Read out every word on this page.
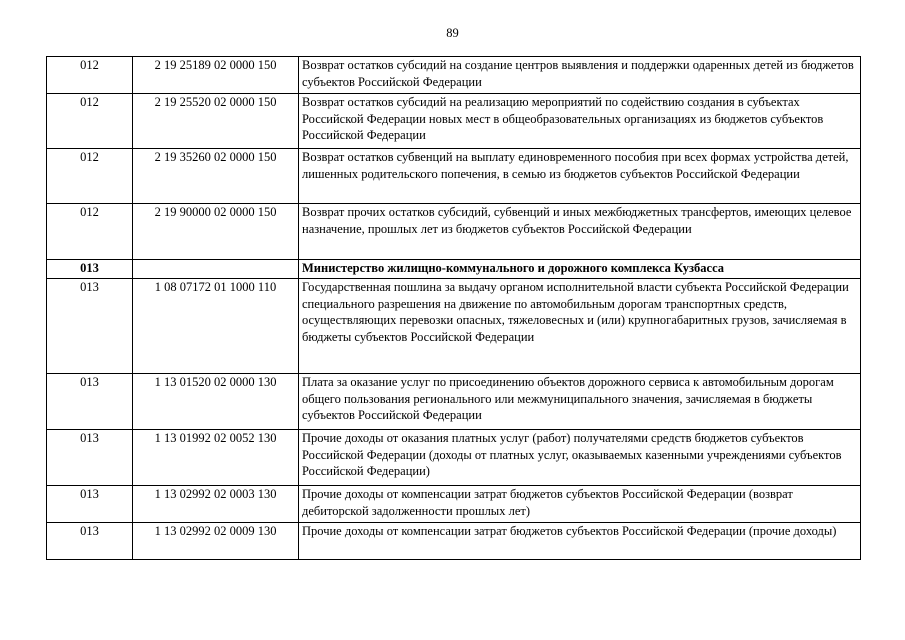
89
012	2 19 25189 02 0000 150	Возврат остатков субсидий на создание центров выявления и поддержки одаренных детей из бюджетов субъектов Российской Федерации
012	2 19 25520 02 0000 150	Возврат остатков субсидий на реализацию мероприятий по содействию создания в субъектах Российской Федерации новых мест в общеобразовательных организациях из бюджетов субъектов Российской Федерации
012	2 19 35260 02 0000 150	Возврат остатков субвенций на выплату единовременного пособия при всех формах устройства детей, лишенных родительского попечения, в семью из бюджетов субъектов Российской Федерации
012	2 19 90000 02 0000 150	Возврат прочих остатков субсидий, субвенций и иных межбюджетных трансфертов, имеющих целевое назначение, прошлых лет из бюджетов субъектов Российской Федерации
013		Министерство жилищно-коммунального и дорожного комплекса Кузбасса
013	1 08 07172 01 1000 110	Государственная пошлина за выдачу органом исполнительной власти субъекта Российской Федерации специального разрешения на движение по автомобильным дорогам транспортных средств, осуществляющих перевозки опасных, тяжеловесных и (или) крупногабаритных грузов, зачисляемая в бюджеты субъектов Российской Федерации
013	1 13 01520 02 0000 130	Плата за оказание услуг по присоединению объектов дорожного сервиса к автомобильным дорогам общего пользования регионального или межмуниципального значения, зачисляемая в бюджеты субъектов Российской Федерации
013	1 13 01992 02 0052 130	Прочие доходы от оказания платных услуг (работ) получателями средств бюджетов субъектов Российской Федерации (доходы от платных услуг, оказываемых казенными учреждениями субъектов Российской Федерации)
013	1 13 02992 02 0003 130	Прочие доходы от компенсации затрат бюджетов субъектов Российской Федерации (возврат дебиторской задолженности прошлых лет)
013	1 13 02992 02 0009 130	Прочие доходы от компенсации затрат бюджетов субъектов Российской Федерации (прочие доходы)
